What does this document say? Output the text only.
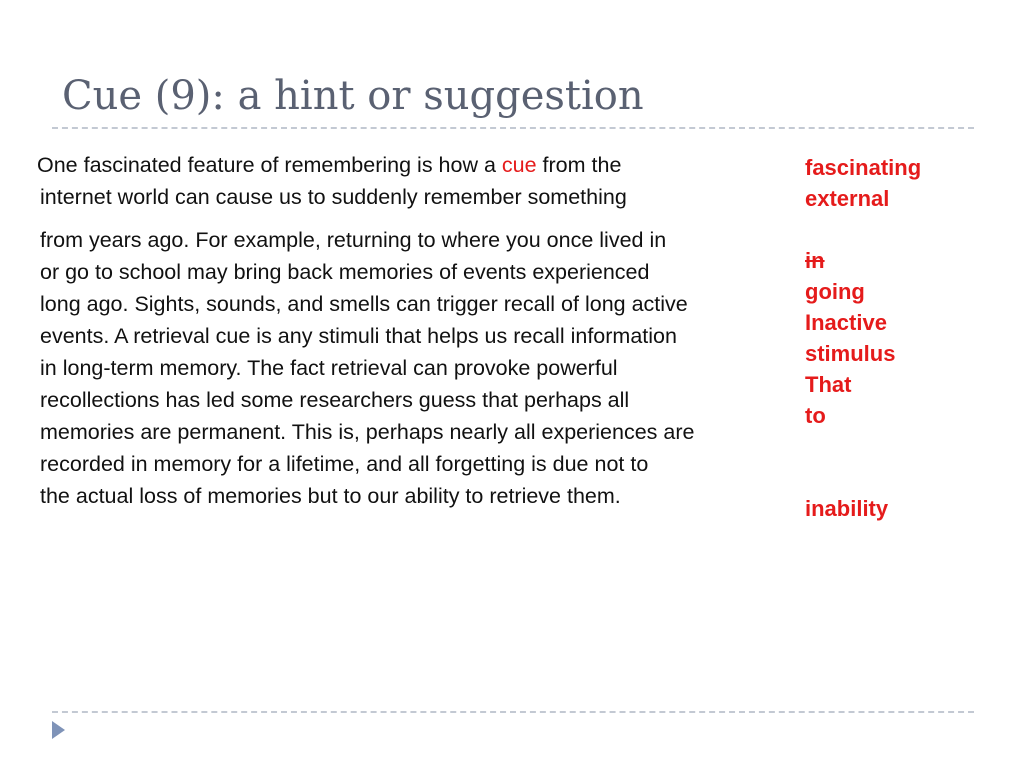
Cue (9): a hint or suggestion
One fascinated feature of remembering is how a cue from the
internet world can cause us to suddenly remember something
from years ago. For example, returning to where you once lived in
or go to school may bring back memories of events experienced
long ago. Sights, sounds, and smells can trigger recall of long active
events. A retrieval cue is any stimuli that helps us recall information
in long-term memory. The fact retrieval can provoke powerful
recollections has led some researchers guess that perhaps all
memories are permanent. This is, perhaps nearly all experiences are
recorded in memory for a lifetime, and all forgetting is due not to
the actual loss of memories but to our ability to retrieve them.
fascinating
external
in
going
Inactive
stimulus
That
to
inability
